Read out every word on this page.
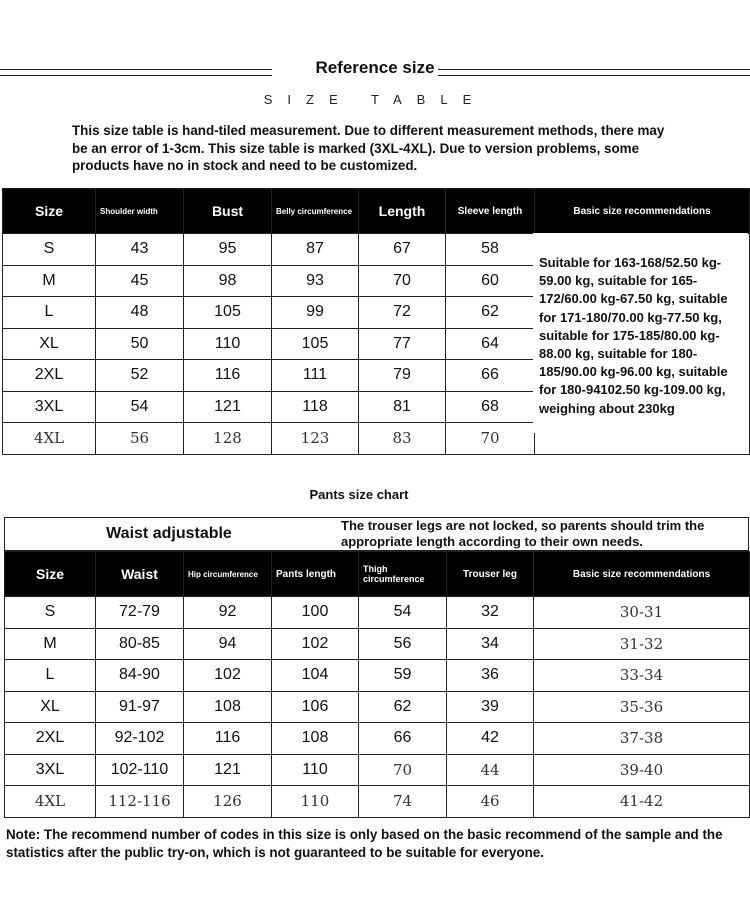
Reference size
SIZE TABLE
This size table is hand-tiled measurement. Due to different measurement methods, there may be an error of 1-3cm. This size table is marked (3XL-4XL). Due to version problems, some products have no in stock and need to be customized.
Size	Shoulder width	Bust	Belly circumference	Length	Sleeve length	Basic size recommendations
S	43	95	87	67	58	
M	45	98	93	70	60	
L	48	105	99	72	62	
XL	50	110	105	77	64	
2XL	52	116	111	79	66	
3XL	54	121	118	81	68	
4XL	56	128	123	83	70	
Suitable for 163-168/52.50 kg-59.00 kg, suitable for 165-172/60.00 kg-67.50 kg, suitable for 171-180/70.00 kg-77.50 kg, suitable for 175-185/80.00 kg-88.00 kg, suitable for 180-185/90.00 kg-96.00 kg, suitable for 180-94102.50 kg-109.00 kg, weighing about 230kg
Pants size chart
Waist adjustable	The trouser legs are not locked, so parents should trim the appropriate length according to their own needs.
Size	Waist	Hip circumference	Pants length	Thigh circumference	Trouser leg	Basic size recommendations
S	72-79	92	100	54	32	30-31
M	80-85	94	102	56	34	31-32
L	84-90	102	104	59	36	33-34
XL	91-97	108	106	62	39	35-36
2XL	92-102	116	108	66	42	37-38
3XL	102-110	121	110	70	44	39-40
4XL	112-116	126	110	74	46	41-42
Note: The recommend number of codes in this size is only based on the basic recommend of the sample and the statistics after the public try-on, which is not guaranteed to be suitable for everyone.
